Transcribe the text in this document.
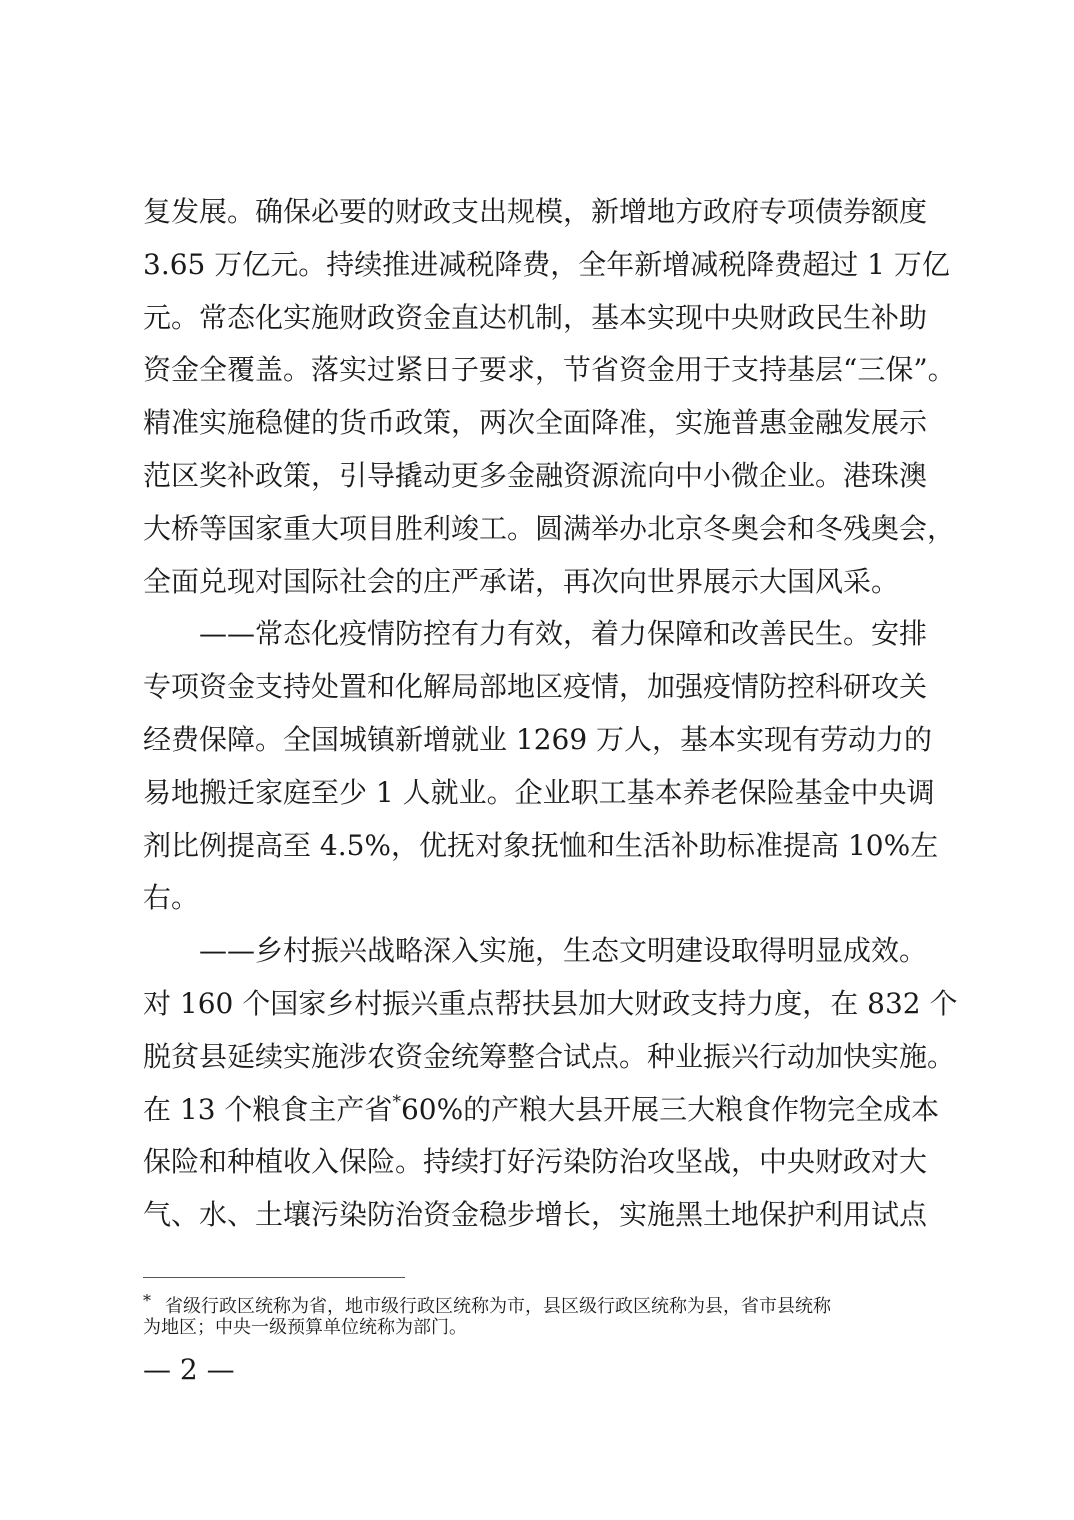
复发展。确保必要的财政支出规模，新增地方政府专项债券额度
3.65 万亿元。持续推进减税降费，全年新增减税降费超过 1 万亿
元。常态化实施财政资金直达机制，基本实现中央财政民生补助
资金全覆盖。落实过紧日子要求，节省资金用于支持基层“三保”。
精准实施稳健的货币政策，两次全面降准，实施普惠金融发展示
范区奖补政策，引导撬动更多金融资源流向中小微企业。港珠澳
大桥等国家重大项目胜利竣工。圆满举办北京冬奥会和冬残奥会，
全面兑现对国际社会的庄严承诺，再次向世界展示大国风采。
——常态化疫情防控有力有效，着力保障和改善民生。安排
专项资金支持处置和化解局部地区疫情，加强疫情防控科研攻关
经费保障。全国城镇新增就业 1269 万人，基本实现有劳动力的
易地搬迁家庭至少 1 人就业。企业职工基本养老保险基金中央调
剂比例提高至 4.5%，优抚对象抚恤和生活补助标准提高 10%左
右。
——乡村振兴战略深入实施，生态文明建设取得明显成效。
对 160 个国家乡村振兴重点帮扶县加大财政支持力度，在 832 个
脱贫县延续实施涉农资金统筹整合试点。种业振兴行动加快实施。
在 13 个粮食主产省*60%的产粮大县开展三大粮食作物完全成本
保险和种植收入保险。持续打好污染防治攻坚战，中央财政对大
气、水、土壤污染防治资金稳步增长，实施黑土地保护利用试点
* 省级行政区统称为省，地市级行政区统称为市，县区级行政区统称为县，省市县统称
为地区；中央一级预算单位统称为部门。
— 2 —
